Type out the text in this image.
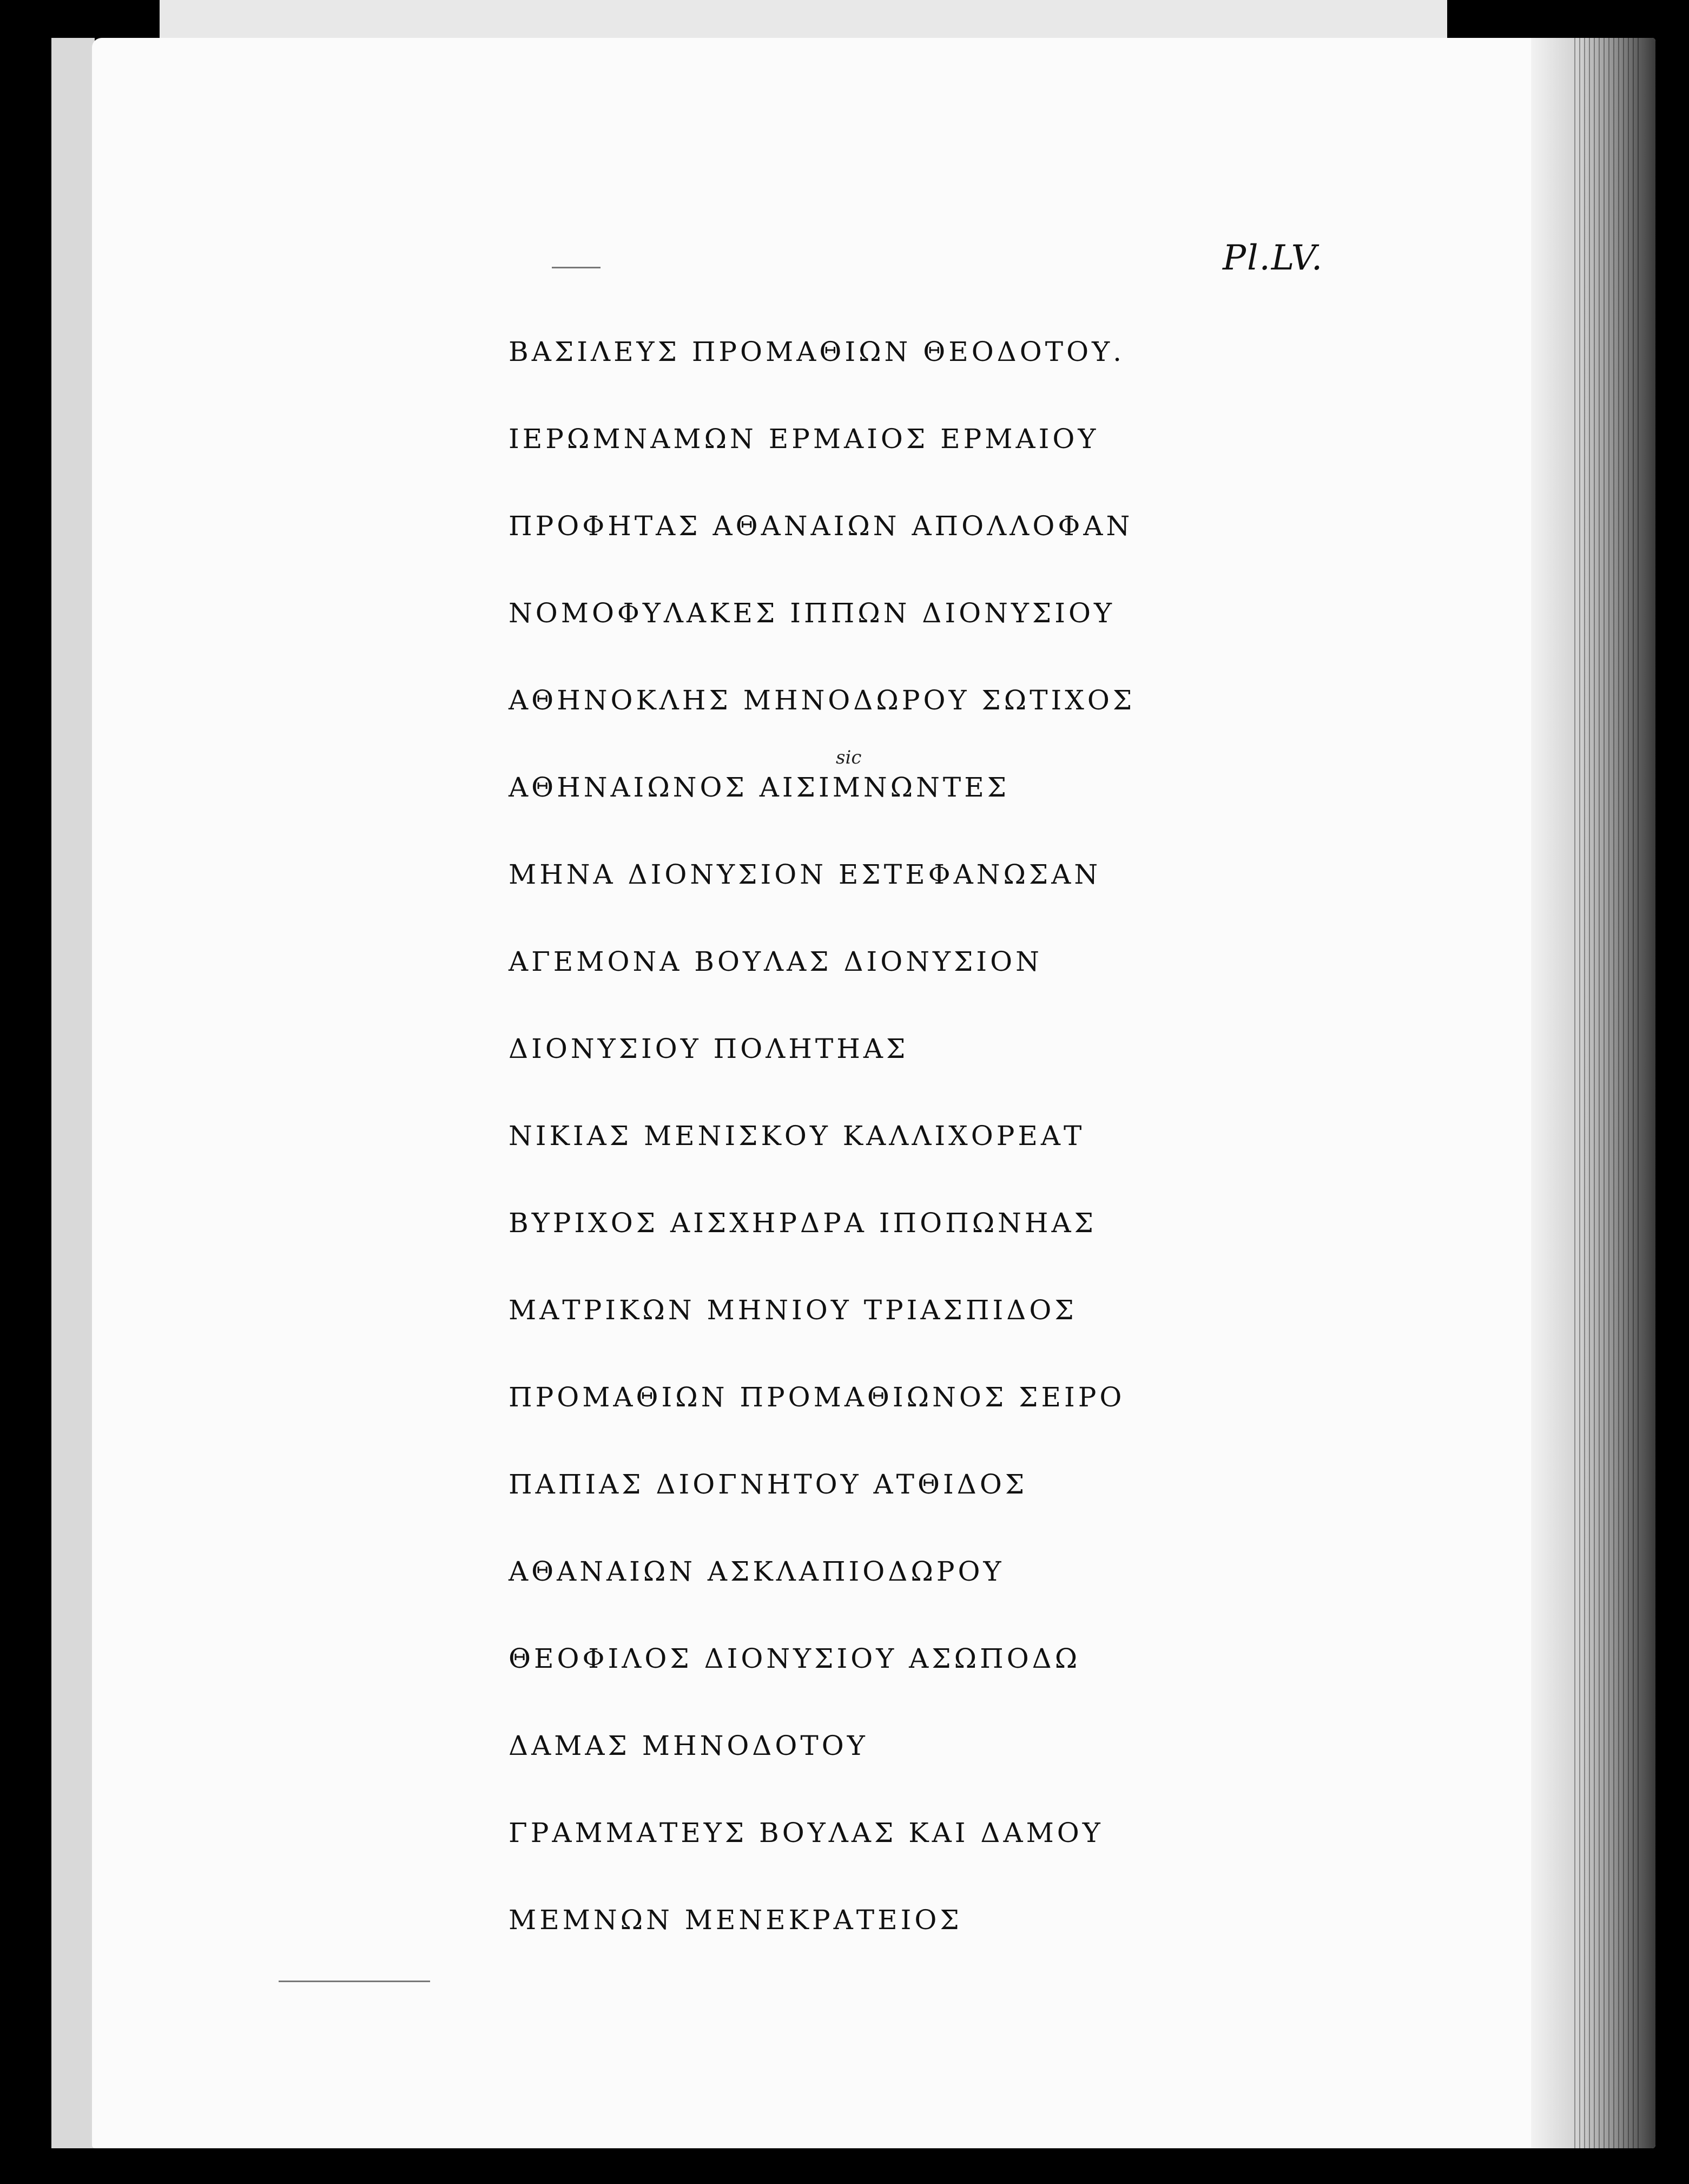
Pl.LV.
sic
ΒΑΣΙΛΕΥΣ ΠΡΟΜΑΘΙΩΝ ΘΕΟΔΟΤΟΥ.
ΙΕΡΩΜΝΑΜΩΝ ΕΡΜΑΙΟΣ ΕΡΜΑΙΟΥ
ΠΡΟΦΗΤΑΣ ΑΘΑΝΑΙΩΝ ΑΠΟΛΛΟΦΑΝ
ΝΟΜΟΦΥΛΑΚΕΣ ΙΠΠΩΝ ΔΙΟΝΥΣΙΟΥ
ΑΘΗΝΟΚΛΗΣ ΜΗΝΟΔΩΡΟΥ ΣΩΤΙΧΟΣ
ΑΘΗΝΑΙΩΝΟΣ ΑΙΣΙΜΝΩΝΤΕΣ
ΜΗΝΑ ΔΙΟΝΥΣΙΟΝ ΕΣΤΕΦΑΝΩΣΑΝ
ΑΓΕΜΟΝΑ ΒΟΥΛΑΣ ΔΙΟΝΥΣΙΟΝ
ΔΙΟΝΥΣΙΟΥ ΠΟΛΗΤΗΑΣ
ΝΙΚΙΑΣ ΜΕΝΙΣΚΟΥ ΚΑΛΛΙΧΟΡΕΑΤ
ΒΥΡΙΧΟΣ ΑΙΣΧΗΡΔΡΑ ΙΠΟΠΩΝΗΑΣ
ΜΑΤΡΙΚΩΝ ΜΗΝΙΟΥ ΤΡΙΑΣΠΙΔΟΣ
ΠΡΟΜΑΘΙΩΝ ΠΡΟΜΑΘΙΩΝΟΣ ΣΕΙΡΟ
ΠΑΠΙΑΣ ΔΙΟΓΝΗΤΟΥ ΑΤΘΙΔΟΣ
ΑΘΑΝΑΙΩΝ ΑΣΚΛΑΠΙΟΔΩΡΟΥ
ΘΕΟΦΙΛΟΣ ΔΙΟΝΥΣΙΟΥ ΑΣΩΠΟΔΩ
ΔΑΜΑΣ ΜΗΝΟΔΟΤΟΥ
ΓΡΑΜΜΑΤΕΥΣ ΒΟΥΛΑΣ ΚΑΙ ΔΑΜΟΥ
ΜΕΜΝΩΝ ΜΕΝΕΚΡΑΤΕΙΟΣ
